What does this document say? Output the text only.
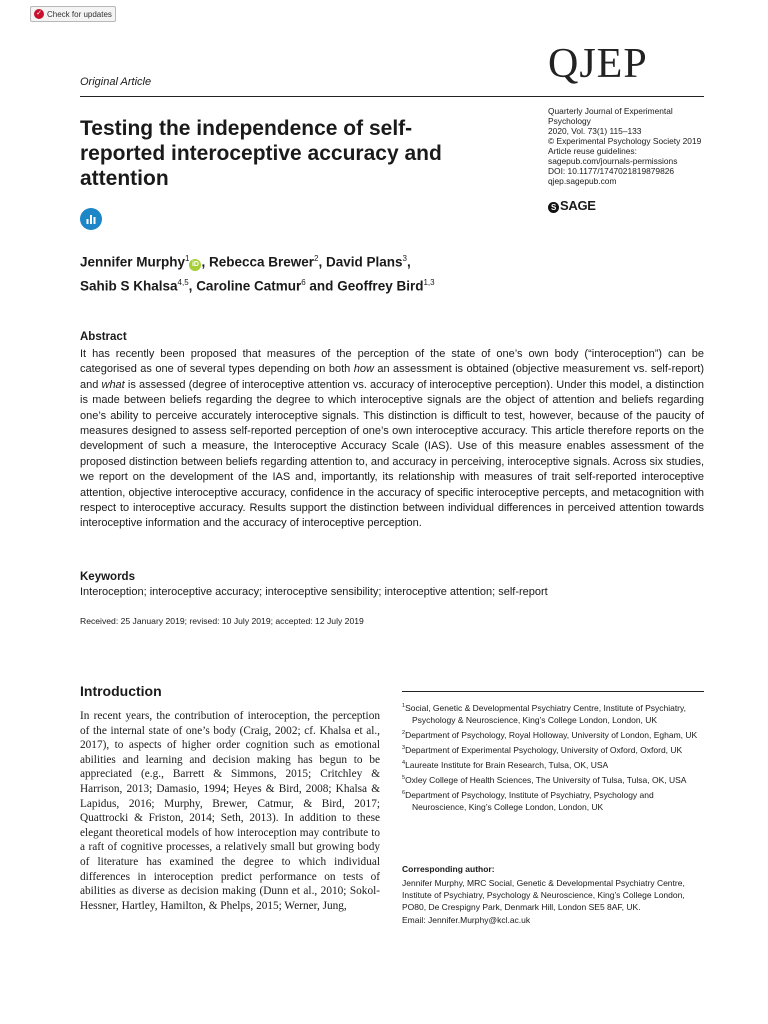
✓ Check for updates
QJEP
Original Article
Testing the independence of self-reported interoceptive accuracy and attention
Quarterly Journal of Experimental
Psychology
2020, Vol. 73(1) 115–133
© Experimental Psychology Society 2019
Article reuse guidelines:
sagepub.com/journals-permissions
DOI: 10.1177/1747021819879826
qjep.sagepub.com
S SAGE
Jennifer Murphy$^1$iD , Rebecca Brewer$^2$, David Plans$^3$,
Sahib S Khalsa$^{4,5}$, Caroline Catmur$^6$ and Geoffrey Bird$^{1,3}$
Abstract
It has recently been proposed that measures of the perception of the state of one’s own body (“interoception”) can be categorised as one of several types depending on both how an assessment is obtained (objective measurement vs. self-report) and what is assessed (degree of interoceptive attention vs. accuracy of interoceptive perception). Under this model, a distinction is made between beliefs regarding the degree to which interoceptive signals are the object of attention and beliefs regarding one’s ability to perceive accurately interoceptive signals. This distinction is difficult to test, however, because of the paucity of measures designed to assess self-reported perception of one’s own interoceptive accuracy. This article therefore reports on the development of such a measure, the Interoceptive Accuracy Scale (IAS). Use of this measure enables assessment of the proposed distinction between beliefs regarding attention to, and accuracy in perceiving, interoceptive signals. Across six studies, we report on the development of the IAS and, importantly, its relationship with measures of trait self-reported interoceptive attention, objective interoceptive accuracy, confidence in the accuracy of specific interoceptive percepts, and metacognition with respect to interoceptive accuracy. Results support the distinction between individual differences in perceived attention towards interoceptive information and the accuracy of interoceptive perception.
Keywords
Interoception; interoceptive accuracy; interoceptive sensibility; interoceptive attention; self-report
Received: 25 January 2019; revised: 10 July 2019; accepted: 12 July 2019
Introduction
In recent years, the contribution of interoception, the perception of the internal state of one’s body (Craig, 2002; cf. Khalsa et al., 2017), to aspects of higher order cognition such as emotional abilities and learning and decision making has begun to be appreciated (e.g., Barrett & Simmons, 2015; Critchley & Harrison, 2013; Damasio, 1994; Heyes & Bird, 2008; Khalsa & Lapidus, 2016; Murphy, Brewer, Catmur, & Bird, 2017; Quattrocki & Friston, 2014; Seth, 2013). In addition to these elegant theoretical models of how interoception may contribute to a raft of cognitive processes, a relatively small but growing body of literature has examined the degree to which individual differences in interoception predict performance on tests of abilities as diverse as decision making (Dunn et al., 2010; Sokol-Hessner, Hartley, Hamilton, & Phelps, 2015; Werner, Jung,
$^1$Social, Genetic & Developmental Psychiatry Centre, Institute of Psychiatry, Psychology & Neuroscience, King’s College London, London, UK
$^2$Department of Psychology, Royal Holloway, University of London, Egham, UK
$^3$Department of Experimental Psychology, University of Oxford, Oxford, UK
$^4$Laureate Institute for Brain Research, Tulsa, OK, USA
$^5$Oxley College of Health Sciences, The University of Tulsa, Tulsa, OK, USA
$^6$Department of Psychology, Institute of Psychiatry, Psychology and Neuroscience, King’s College London, London, UK
Corresponding author:
Jennifer Murphy, MRC Social, Genetic & Developmental Psychiatry Centre, Institute of Psychiatry, Psychology & Neuroscience, King’s College London, PO80, De Crespigny Park, Denmark Hill, London SE5 8AF, UK.
Email: Jennifer.Murphy@kcl.ac.uk
